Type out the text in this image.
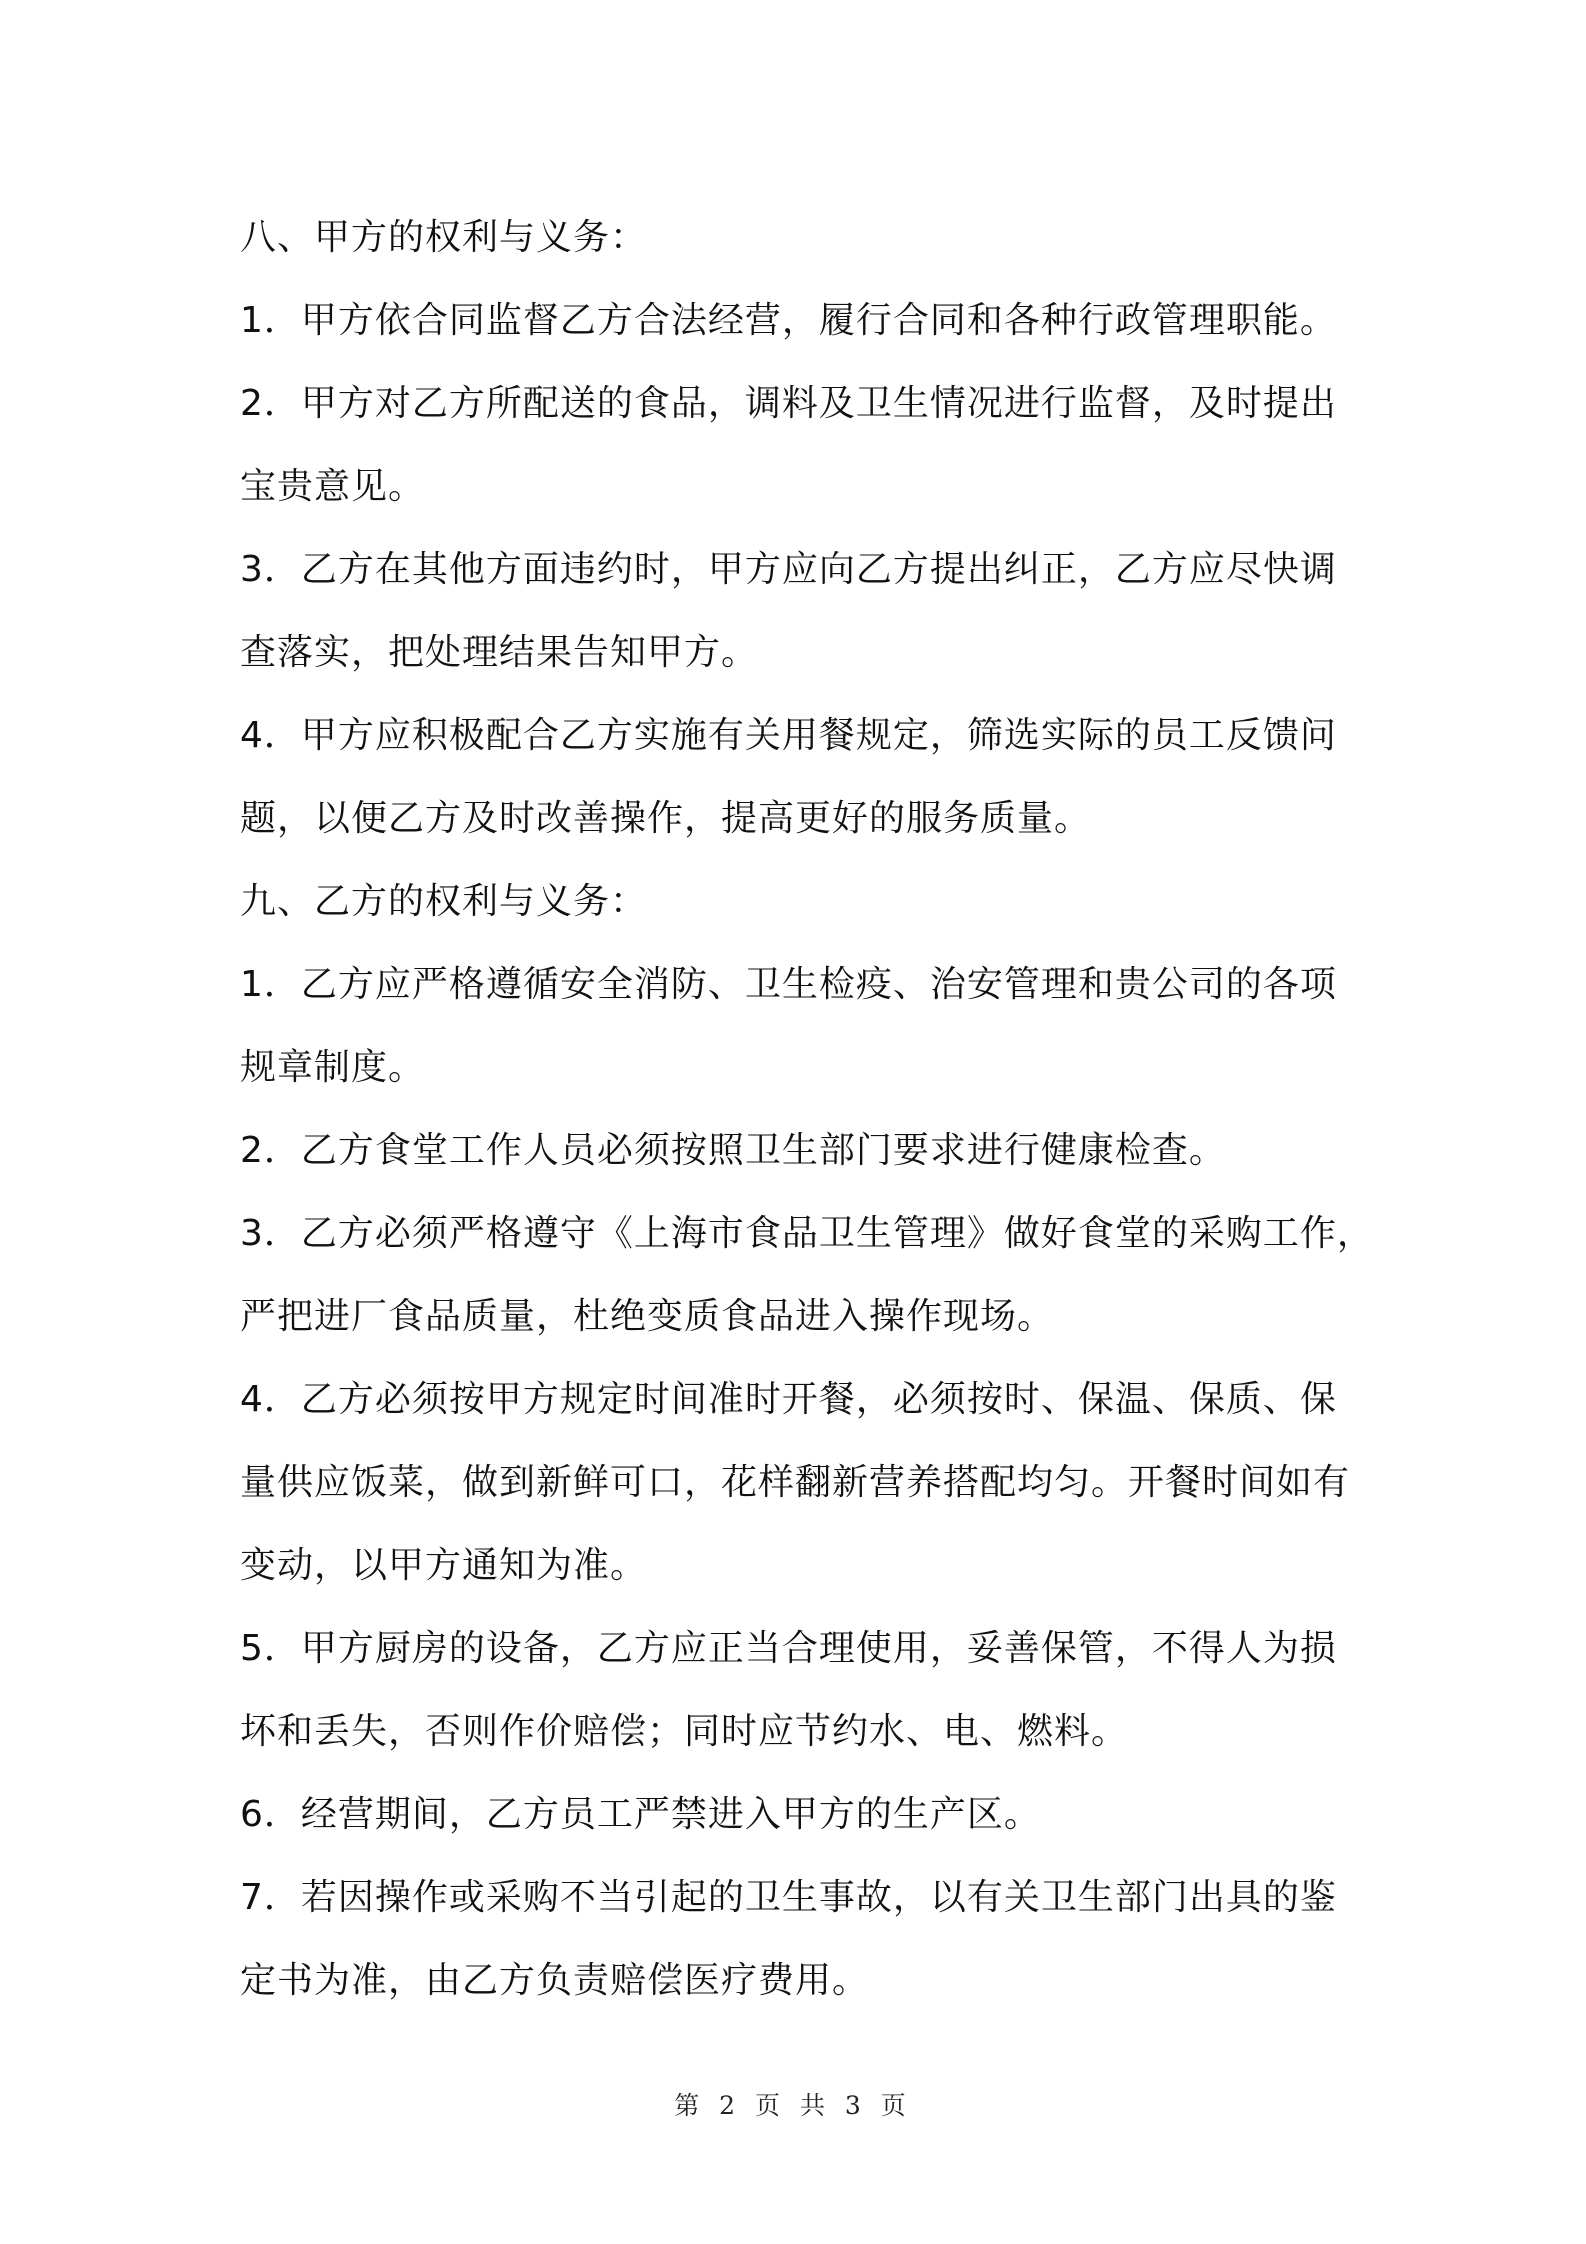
八、甲方的权利与义务：
1．甲方依合同监督乙方合法经营，履行合同和各种行政管理职能。
2．甲方对乙方所配送的食品，调料及卫生情况进行监督，及时提出
宝贵意见。
3．乙方在其他方面违约时，甲方应向乙方提出纠正，乙方应尽快调
查落实，把处理结果告知甲方。
4．甲方应积极配合乙方实施有关用餐规定，筛选实际的员工反馈问
题，以便乙方及时改善操作，提高更好的服务质量。
九、乙方的权利与义务：
1．乙方应严格遵循安全消防、卫生检疫、治安管理和贵公司的各项
规章制度。
2．乙方食堂工作人员必须按照卫生部门要求进行健康检查。
3．乙方必须严格遵守《上海市食品卫生管理》做好食堂的采购工作，
严把进厂食品质量，杜绝变质食品进入操作现场。
4．乙方必须按甲方规定时间准时开餐，必须按时、保温、保质、保
量供应饭菜，做到新鲜可口，花样翻新营养搭配均匀。开餐时间如有
变动，以甲方通知为准。
5．甲方厨房的设备，乙方应正当合理使用，妥善保管，不得人为损
坏和丢失，否则作价赔偿；同时应节约水、电、燃料。
6．经营期间，乙方员工严禁进入甲方的生产区。
7．若因操作或采购不当引起的卫生事故，以有关卫生部门出具的鉴
定书为准，由乙方负责赔偿医疗费用。
第 2 页 共 3 页
